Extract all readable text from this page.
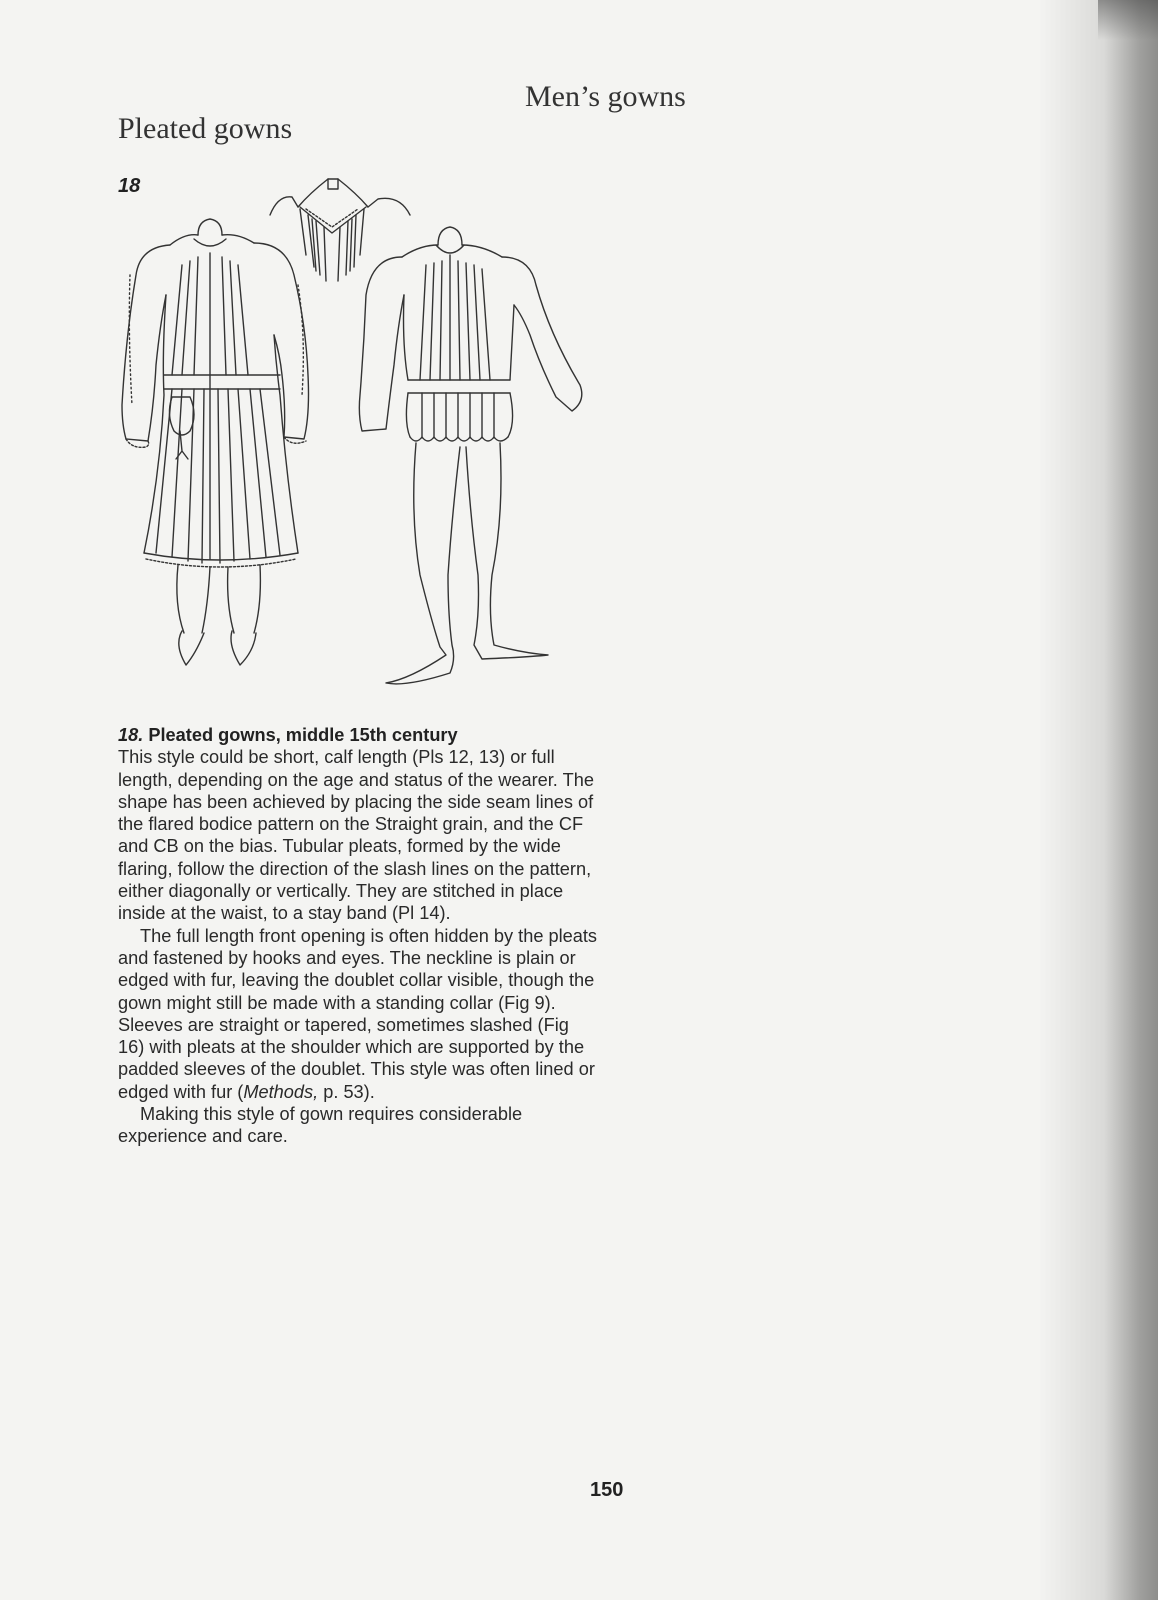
Men’s gowns
Pleated gowns
18

18. Pleated gowns, middle 15th century

This style could be short, calf length (Pls 12, 13) or full length, depending on the age and status of the wearer. The shape has been achieved by placing the side seam lines of the flared bodice pattern on the Straight grain, and the CF and CB on the bias. Tubular pleats, formed by the wide flaring, follow the direction of the slash lines on the pattern, either diagonally or vertically. They are stitched in place inside at the waist, to a stay band (Pl 14).

The full length front opening is often hidden by the pleats and fastened by hooks and eyes. The neckline is plain or edged with fur, leaving the doublet collar visible, though the gown might still be made with a standing collar (Fig 9). Sleeves are straight or tapered, sometimes slashed (Fig 16) with pleats at the shoulder which are supported by the padded sleeves of the doublet. This style was often lined or edged with fur (Methods, p. 53).

Making this style of gown requires considerable experience and care.

150
